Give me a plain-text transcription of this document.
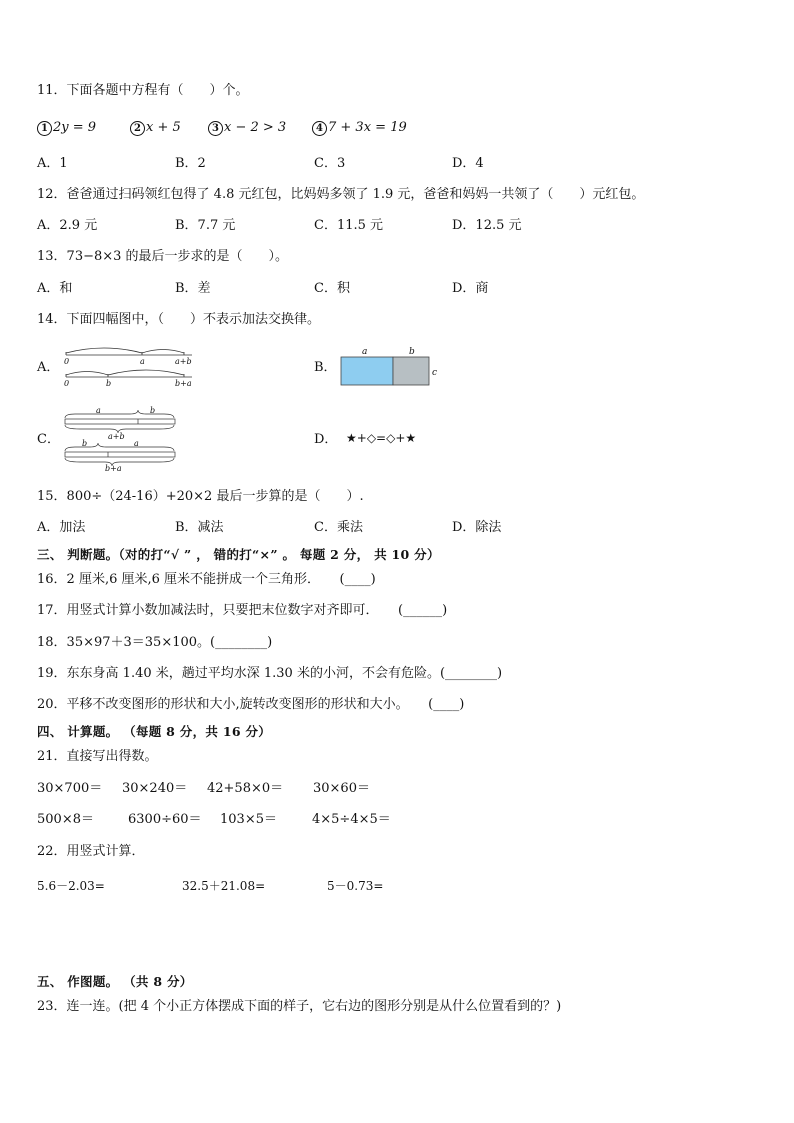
11．下面各题中方程有（　　）个。
1 2y = 9	2 x + 5	3 x − 2 > 3	4 7 + 3x = 19
A．1	B．2	C．3	D．4
12．爸爸通过扫码领红包得了 4.8 元红包，比妈妈多领了 1.9 元，爸爸和妈妈一共领了（　　）元红包。
A．2.9 元	B．7.7 元	C．11.5 元	D．12.5 元
13．73−8×3 的最后一步求的是（　　）。
A．和	B．差	C．积	D．商
14．下面四幅图中，（　　）不表示加法交换律。
A．	B．
C．	D．
0	a	a+b
0	b	b+a
a	b
c
a	b
a+b
b	a
b+a
★+◇=◇+★
15．800÷（24-16）+20×2 最后一步算的是（　　）.
A．加法	B．减法	C．乘法	D．除法
三、 判断题。（对的打“√ ” ， 错的打“×” 。 每题 2 分， 共 10 分）
16．2 厘米,6 厘米,6 厘米不能拼成一个三角形．　　(____)
17．用竖式计算小数加减法时，只要把末位数字对齐即可．　　(______)
18．35×97＋3＝35×100。(________)
19．东东身高 1.40 米，趟过平均水深 1.30 米的小河，不会有危险。(________)
20．平移不改变图形的形状和大小,旋转改变图形的形状和大小。　　(____)
四、 计算题。 （每题 8 分，共 16 分）
21．直接写出得数。
30×700＝ 30×240＝ 42+58×0＝ 30×60＝
500×8＝	6300÷60＝ 103×5＝	4×5÷4×5＝
22．用竖式计算．
5.6－2.03=	32.5＋21.08=	5－0.73=
五、 作图题。 （共 8 分）
23．连一连。(把 4 个小正方体摆成下面的样子，它右边的图形分别是从什么位置看到的？)
